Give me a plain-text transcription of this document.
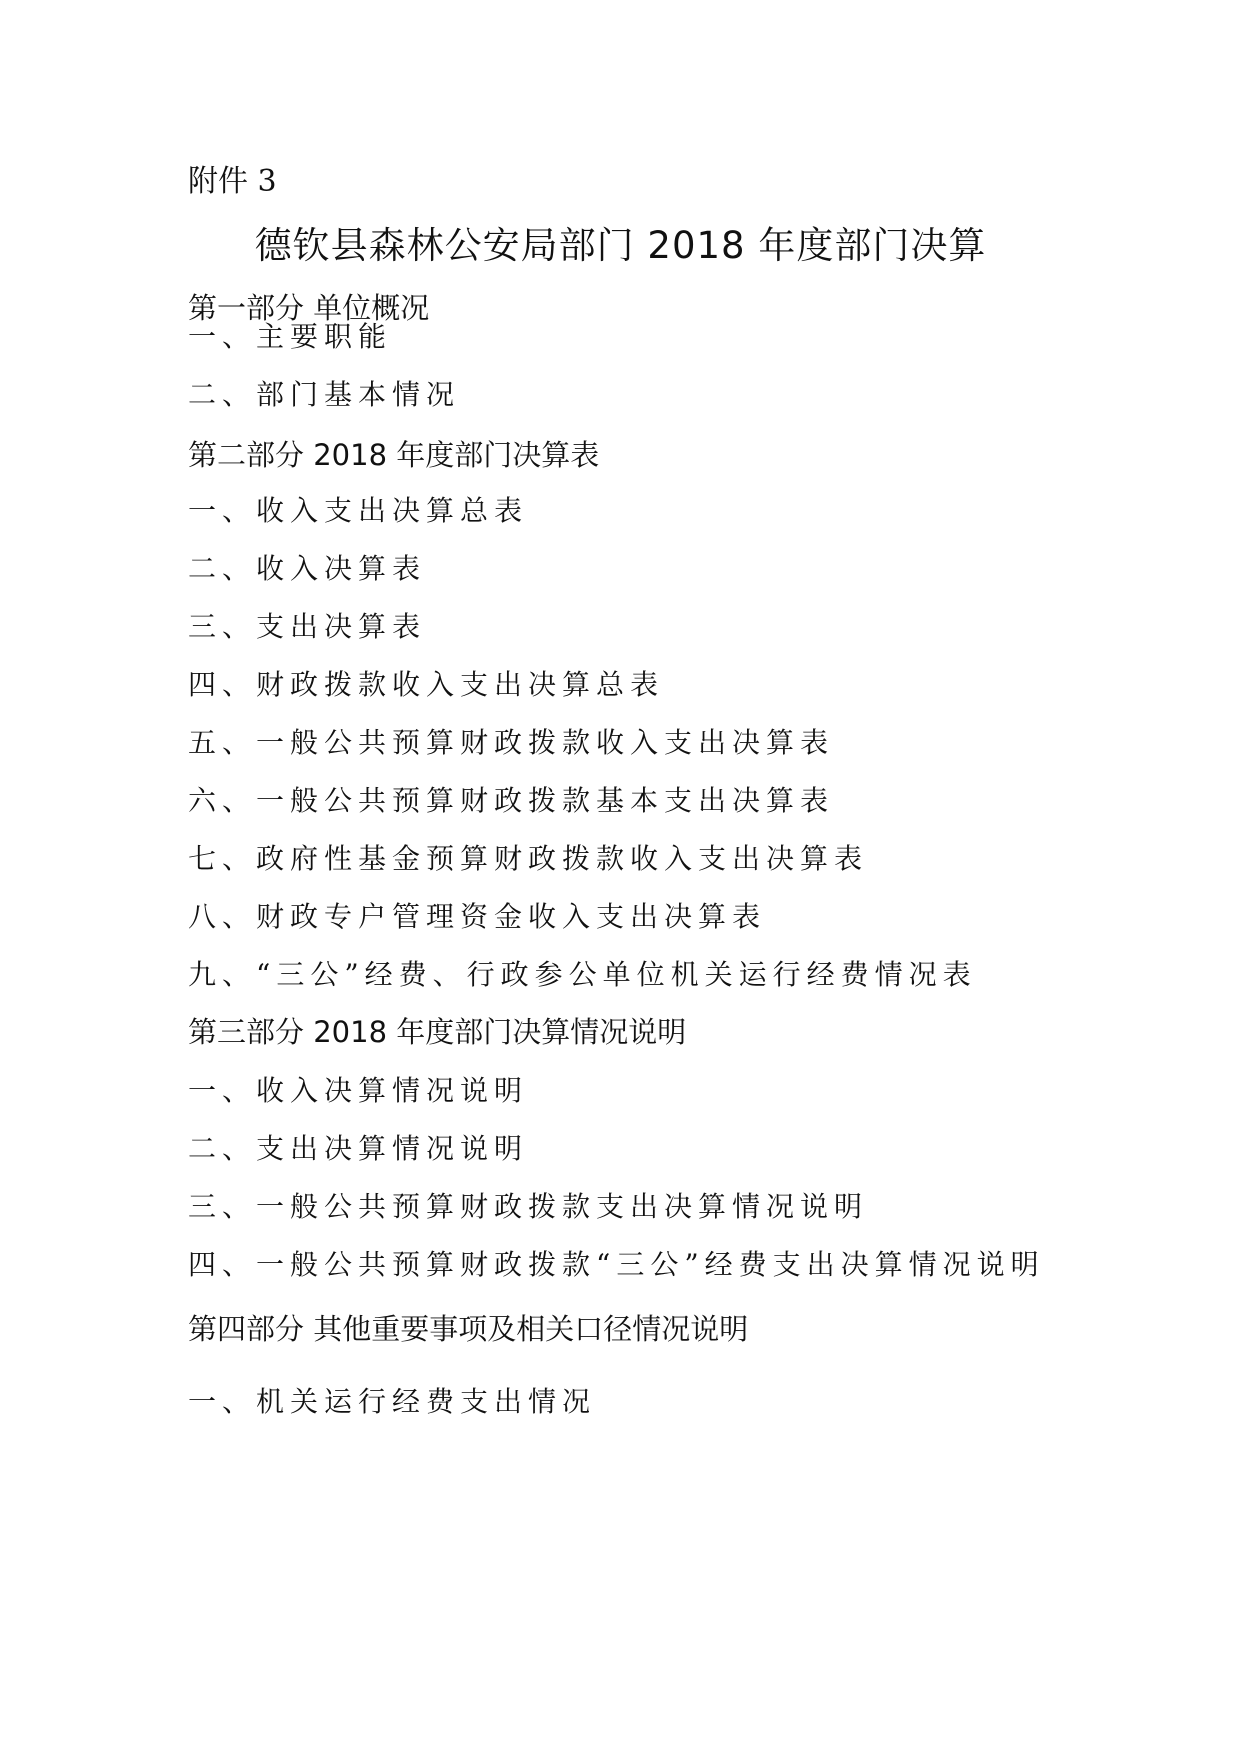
附件 3
德钦县森林公安局部门 2018 年度部门决算
第一部分 单位概况
一、主要职能
二、部门基本情况
第二部分 2018 年度部门决算表
一、收入支出决算总表
二、收入决算表
三、支出决算表
四、财政拨款收入支出决算总表
五、一般公共预算财政拨款收入支出决算表
六、一般公共预算财政拨款基本支出决算表
七、政府性基金预算财政拨款收入支出决算表
八、财政专户管理资金收入支出决算表
九、“三公”经费、行政参公单位机关运行经费情况表
第三部分 2018 年度部门决算情况说明
一、收入决算情况说明
二、支出决算情况说明
三、一般公共预算财政拨款支出决算情况说明
四、一般公共预算财政拨款“三公”经费支出决算情况说明
第四部分 其他重要事项及相关口径情况说明
一、机关运行经费支出情况
